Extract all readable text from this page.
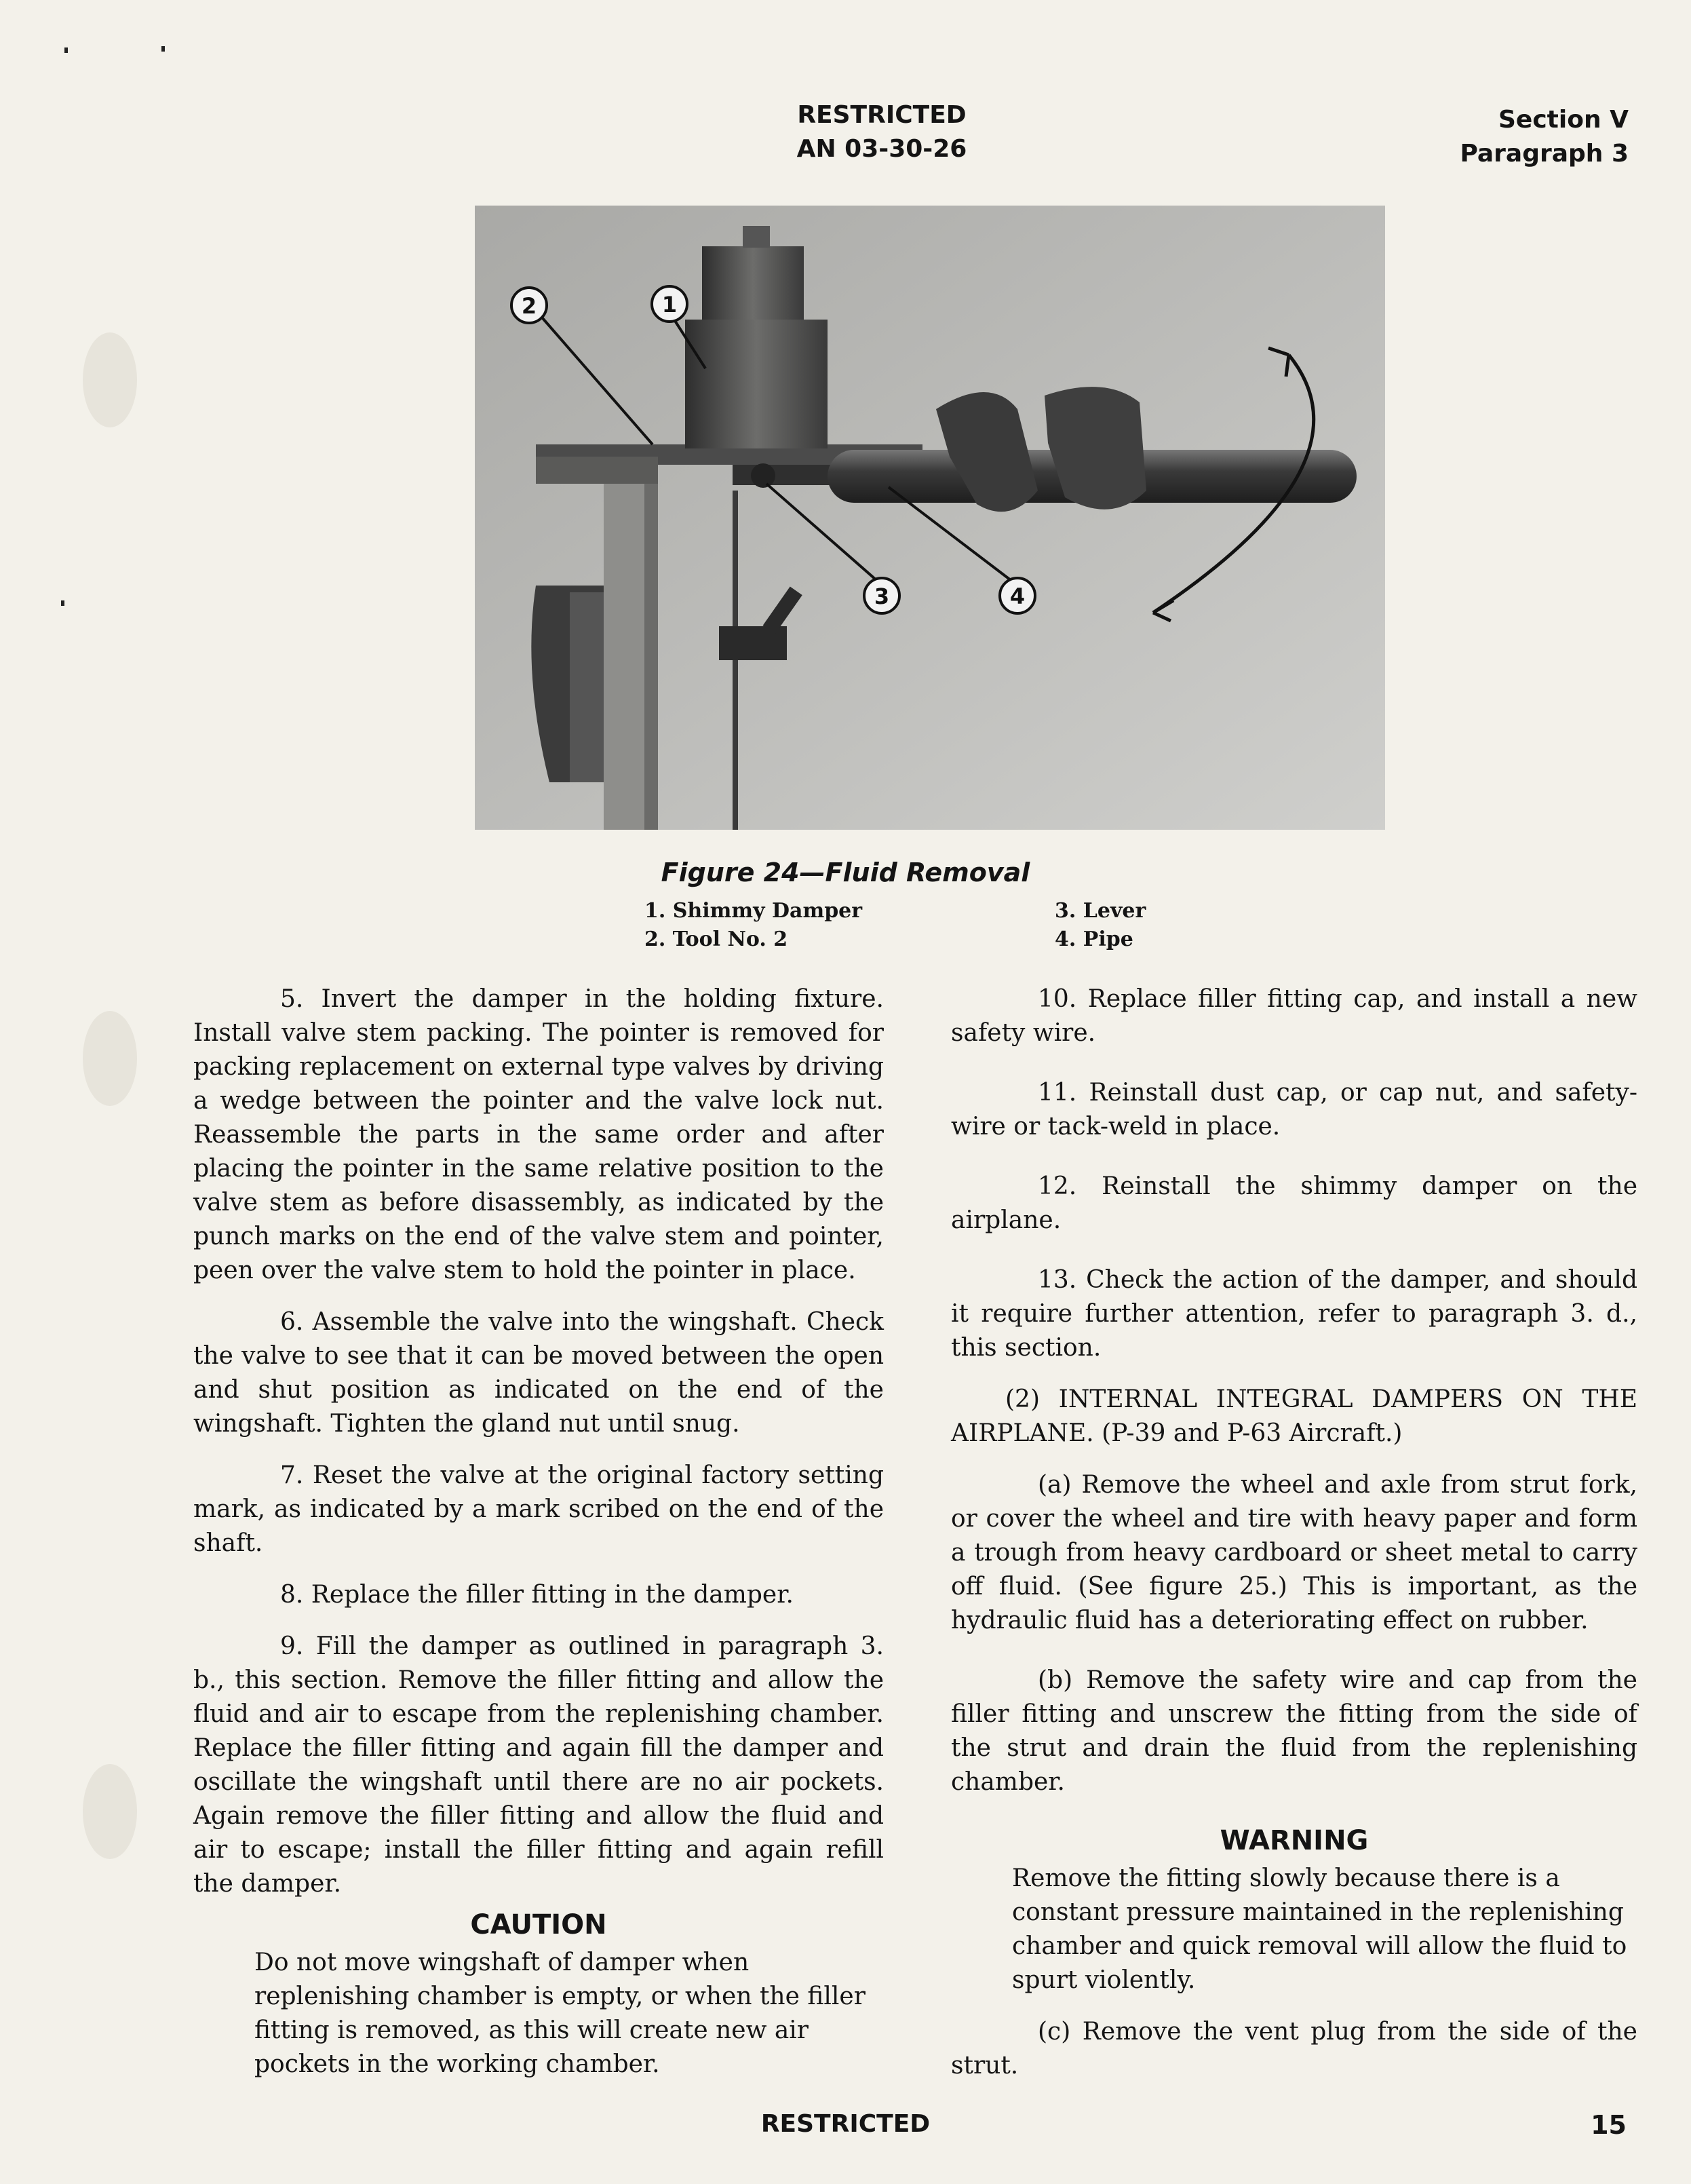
RESTRICTED
AN 03-30-26
Section V
Paragraph 3
2	1
3	4
Figure 24—Fluid Removal
1. Shimmy Damper
2. Tool No. 2
3. Lever
4. Pipe

5. Invert the damper in the holding fixture. Install valve stem packing. The pointer is removed for packing replacement on external type valves by driving a wedge between the pointer and the valve lock nut. Reassemble the parts in the same order and after placing the pointer in the same relative position to the valve stem as before disassembly, as indicated by the punch marks on the end of the valve stem and pointer, peen over the valve stem to hold the pointer in place.

6. Assemble the valve into the wingshaft. Check the valve to see that it can be moved between the open and shut position as indicated on the end of the wingshaft. Tighten the gland nut until snug.

7. Reset the valve at the original factory setting mark, as indicated by a mark scribed on the end of the shaft.

8. Replace the filler fitting in the damper.

9. Fill the damper as outlined in paragraph 3. b., this section. Remove the filler fitting and allow the fluid and air to escape from the replenishing chamber. Replace the filler fitting and again fill the damper and oscillate the wingshaft until there are no air pockets. Again remove the filler fitting and allow the fluid and air to escape; install the filler fitting and again refill the damper.

CAUTION

Do not move wingshaft of damper when replenishing chamber is empty, or when the filler fitting is removed, as this will create new air pockets in the working chamber.

10. Replace filler fitting cap, and install a new safety wire.

11. Reinstall dust cap, or cap nut, and safety-wire or tack-weld in place.

12. Reinstall the shimmy damper on the airplane.

13. Check the action of the damper, and should it require further attention, refer to paragraph 3. d., this section.

(2) INTERNAL INTEGRAL DAMPERS ON THE AIRPLANE. (P-39 and P-63 Aircraft.)

(a) Remove the wheel and axle from strut fork, or cover the wheel and tire with heavy paper and form a trough from heavy cardboard or sheet metal to carry off fluid. (See figure 25.) This is important, as the hydraulic fluid has a deteriorating effect on rubber.

(b) Remove the safety wire and cap from the filler fitting and unscrew the fitting from the side of the strut and drain the fluid from the replenishing chamber.

WARNING

Remove the fitting slowly because there is a constant pressure maintained in the replenishing chamber and quick removal will allow the fluid to spurt violently.

(c) Remove the vent plug from the side of the strut.

RESTRICTED	15
